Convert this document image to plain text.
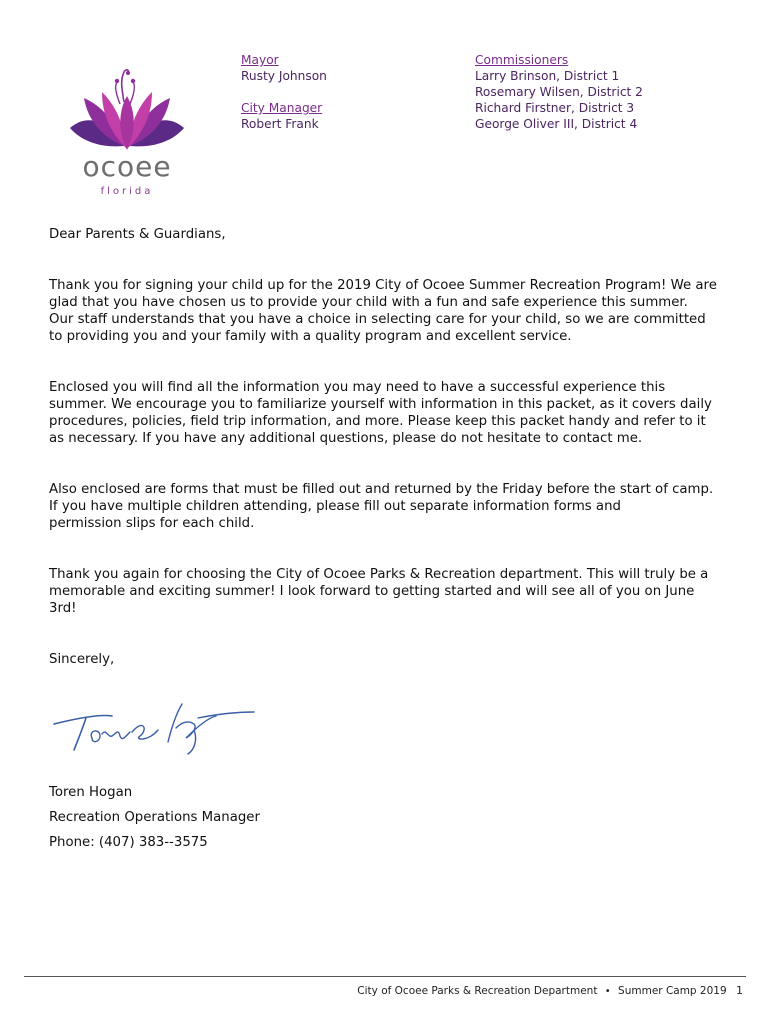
ocoee
florida
Mayor
Rusty Johnson
City Manager
Robert Frank
Commissioners
Larry Brinson, District 1
Rosemary Wilsen, District 2
Richard Firstner, District 3
George Oliver III, District 4

Dear Parents & Guardians,

Thank you for signing your child up for the 2019 City of Ocoee Summer Recreation Program! We are
glad that you have chosen us to provide your child with a fun and safe experience this summer.
Our staff understands that you have a choice in selecting care for your child, so we are committed
to providing you and your family with a quality program and excellent service.

Enclosed you will find all the information you may need to have a successful experience this
summer. We encourage you to familiarize yourself with information in this packet, as it covers daily
procedures, policies, field trip information, and more. Please keep this packet handy and refer to it
as necessary. If you have any additional questions, please do not hesitate to contact me.

Also enclosed are forms that must be filled out and returned by the Friday before the start of camp.
If you have multiple children attending, please fill out separate information forms and
permission slips for each child.

Thank you again for choosing the City of Ocoee Parks & Recreation department. This will truly be a
memorable and exciting summer! I look forward to getting started and will see all of you on June
3rd!

Sincerely,

Toren Hogan
Recreation Operations Manager
Phone: (407) 383--3575
City of Ocoee Parks & Recreation Department • Summer Camp 2019 1
